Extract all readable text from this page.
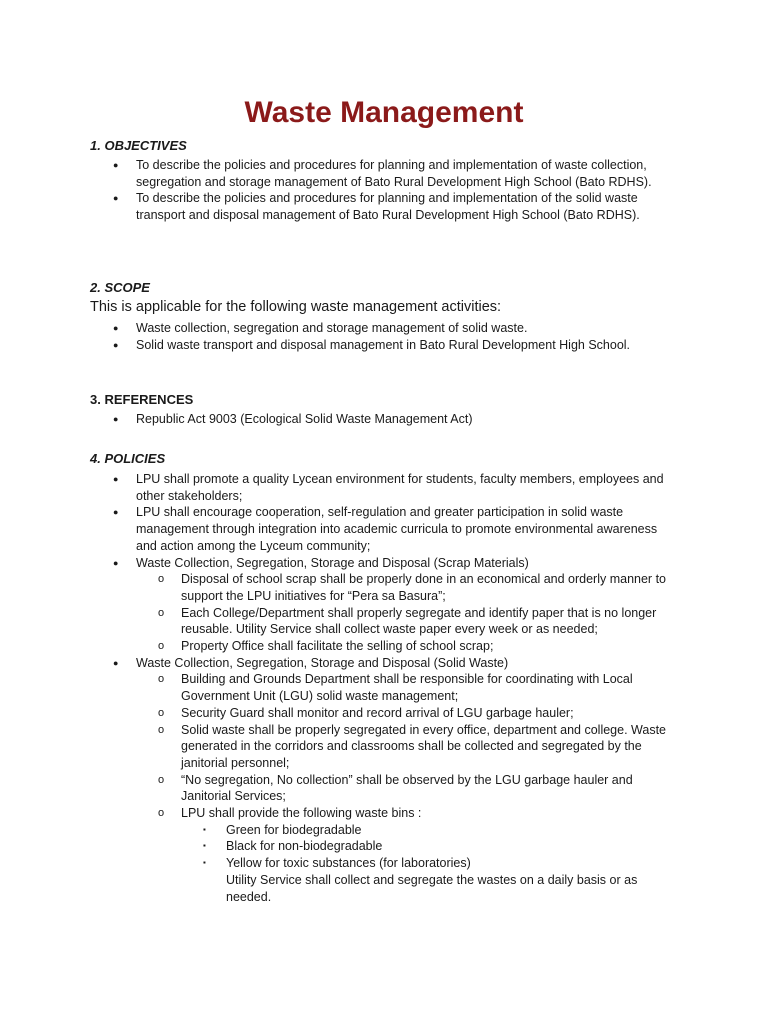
Waste Management

1. OBJECTIVES

● To describe the policies and procedures for planning and implementation of waste collection, segregation and storage management of Bato Rural Development High School (Bato RDHS).
● To describe the policies and procedures for planning and implementation of the solid waste transport and disposal management of Bato Rural Development High School (Bato RDHS).

2. SCOPE

This is applicable for the following waste management activities:

● Waste collection, segregation and storage management of solid waste.
● Solid waste transport and disposal management in Bato Rural Development High School.

3. REFERENCES

● Republic Act 9003 (Ecological Solid Waste Management Act)

4. POLICIES

● LPU shall promote a quality Lycean environment for students, faculty members, employees and other stakeholders;
● LPU shall encourage cooperation, self-regulation and greater participation in solid waste management through integration into academic curricula to promote environmental awareness and action among the Lyceum community;
● Waste Collection, Segregation, Storage and Disposal (Scrap Materials)
o Disposal of school scrap shall be properly done in an economical and orderly manner to support the LPU initiatives for “Pera sa Basura”;
o Each College/Department shall properly segregate and identify paper that is no longer reusable. Utility Service shall collect waste paper every week or as needed;
o Property Office shall facilitate the selling of school scrap;
● Waste Collection, Segregation, Storage and Disposal (Solid Waste)
o Building and Grounds Department shall be responsible for coordinating with Local Government Unit (LGU) solid waste management;
o Security Guard shall monitor and record arrival of LGU garbage hauler;
o Solid waste shall be properly segregated in every office, department and college. Waste generated in the corridors and classrooms shall be collected and segregated by the janitorial personnel;
o “No segregation, No collection” shall be observed by the LGU garbage hauler and Janitorial Services;
o LPU shall provide the following waste bins :
▪ Green for biodegradable
▪ Black for non-biodegradable
▪ Yellow for toxic substances (for laboratories)
Utility Service shall collect and segregate the wastes on a daily basis or as needed.
